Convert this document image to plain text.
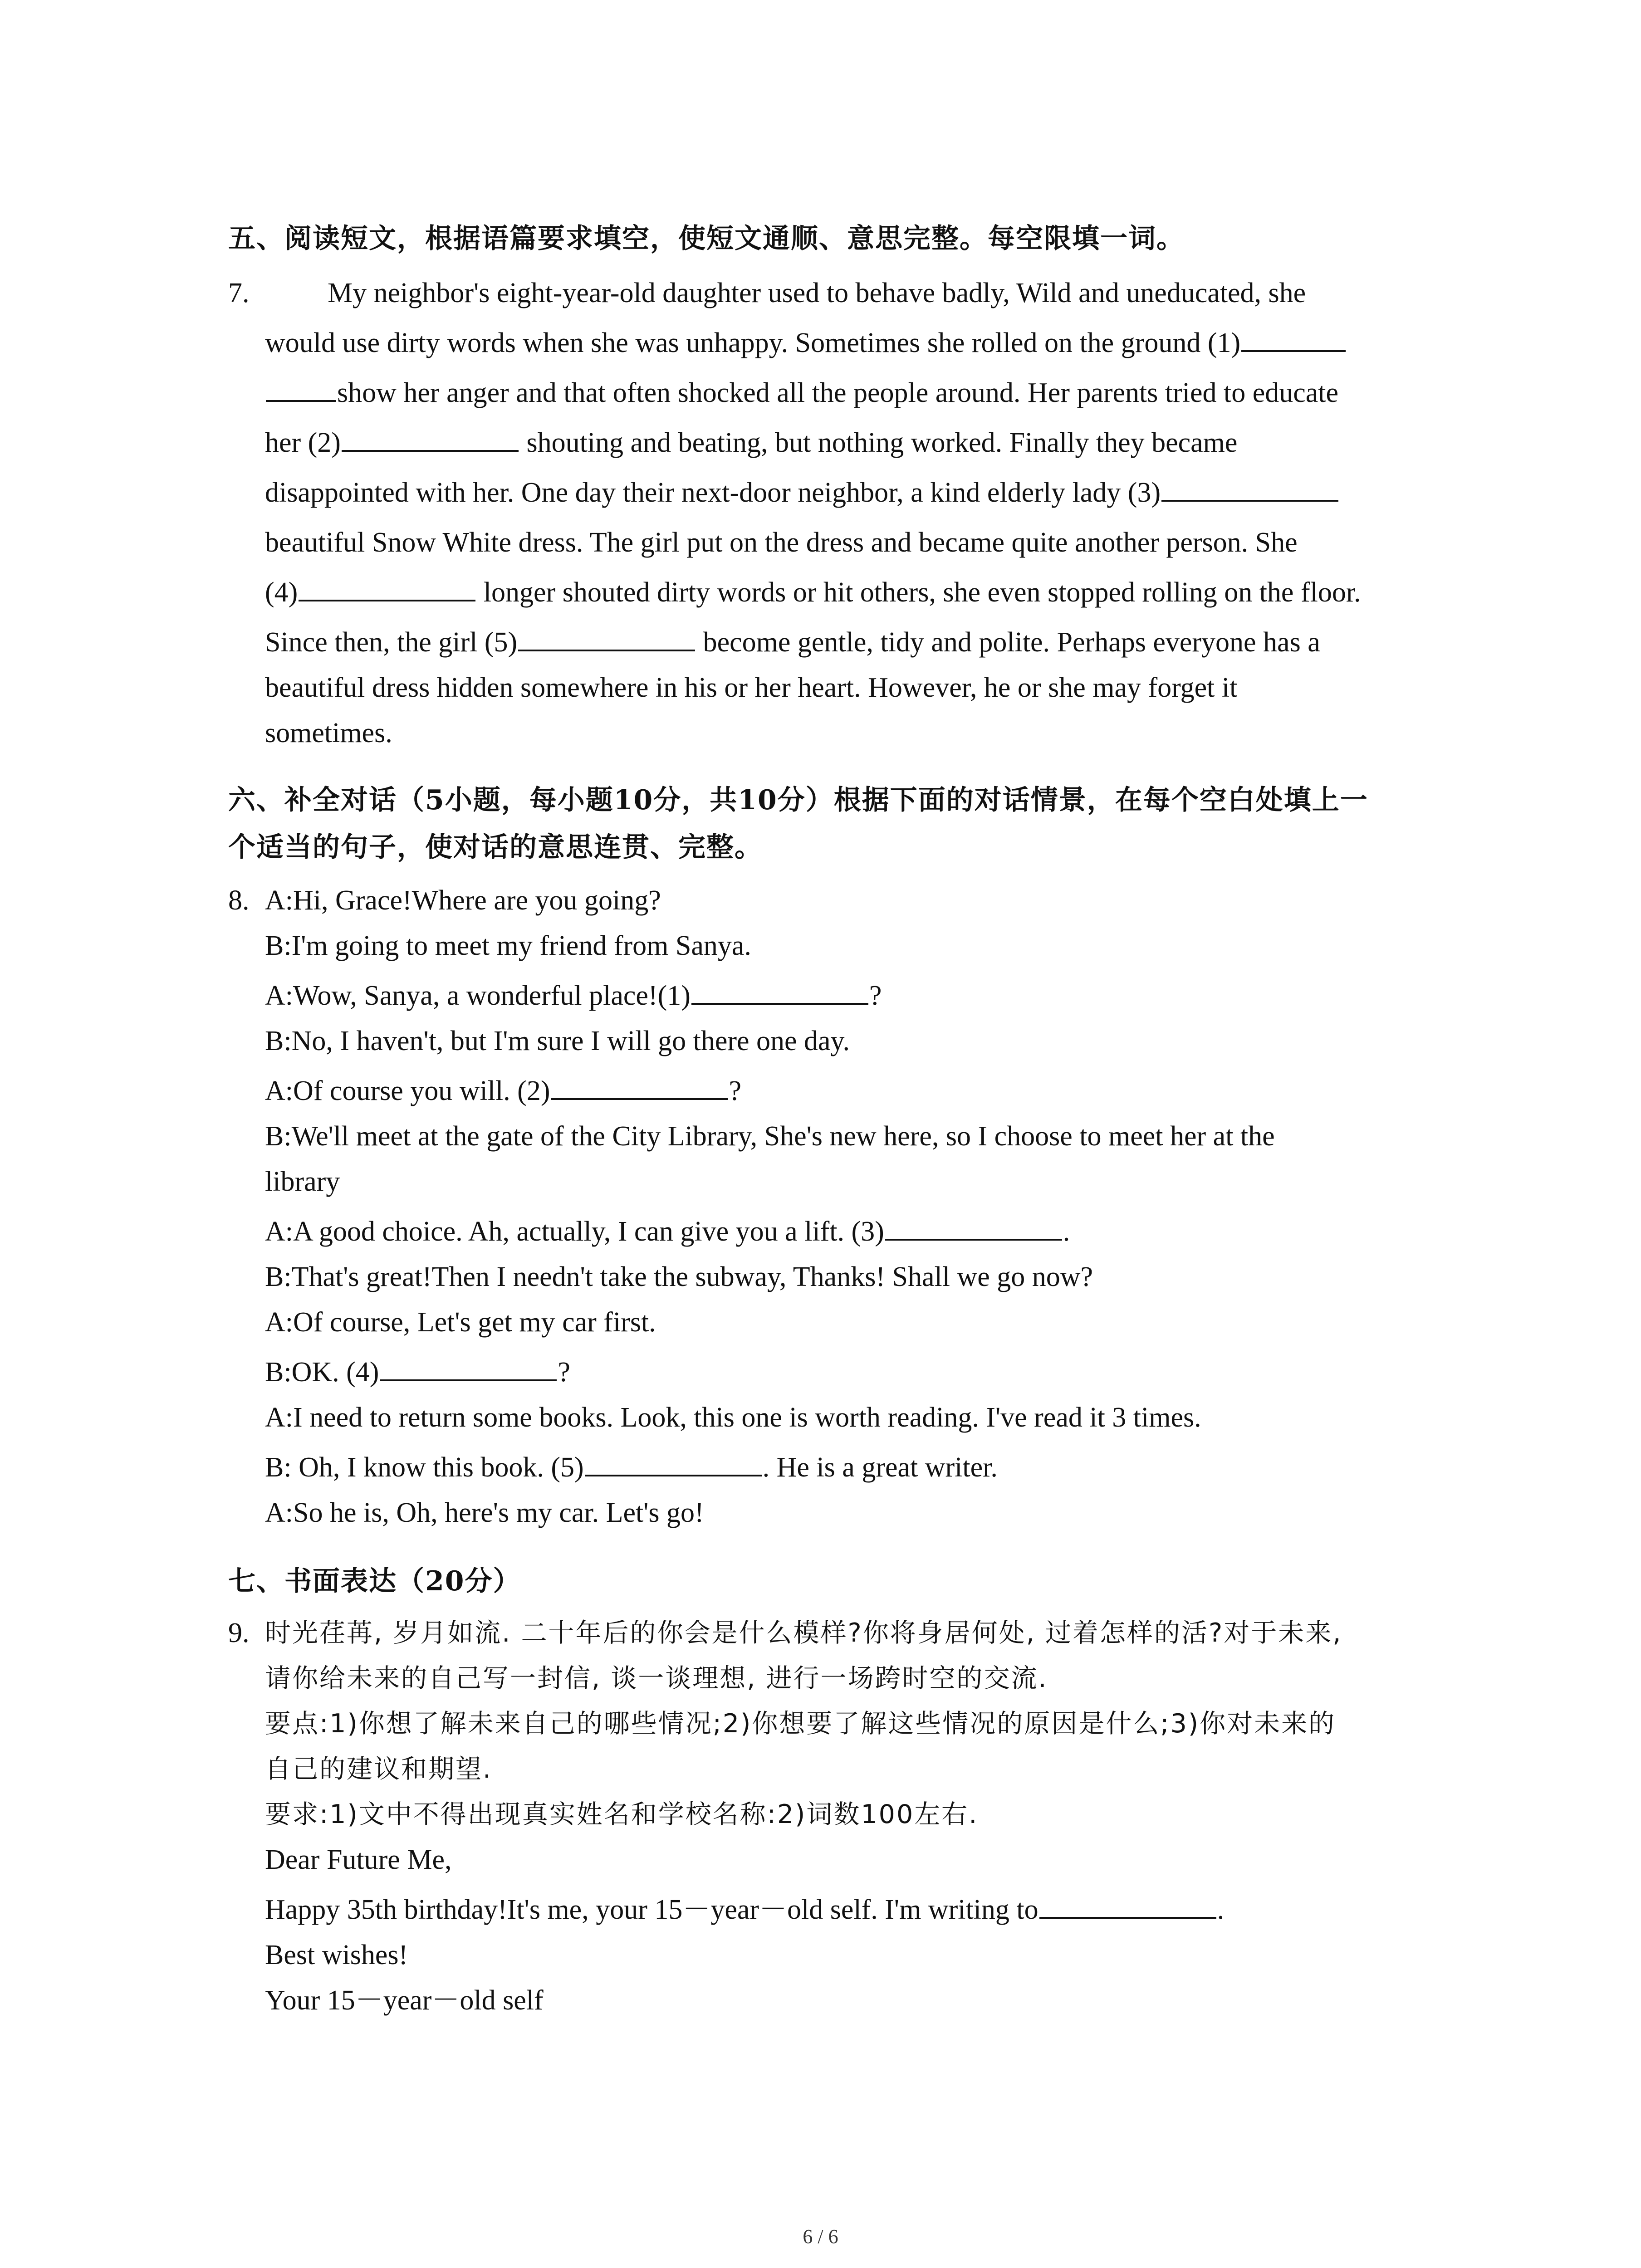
五、阅读短文，根据语篇要求填空，使短文通顺、意思完整。每空限填一词。
7.	My neighbor's eight-year-old daughter used to behave badly, Wild and uneducated, she
would use dirty words when she was unhappy. Sometimes she rolled on the ground (1)
show her anger and that often shocked all the people around. Her parents tried to educate
her (2)	shouting and beating, but nothing worked. Finally they became
disappointed with her. One day their next-door neighbor, a kind elderly lady (3)
beautiful Snow White dress. The girl put on the dress and became quite another person. She
(4)	longer shouted dirty words or hit others, she even stopped rolling on the floor.
Since then, the girl (5)	become gentle, tidy and polite. Perhaps everyone has a
beautiful dress hidden somewhere in his or her heart. However, he or she may forget it
sometimes.
六、补全对话（5小题，每小题10分，共10分）根据下面的对话情景，在每个空白处填上一
个适当的句子，使对话的意思连贯、完整。
8. A:Hi, Grace!Where are you going?
B:I'm going to meet my friend from Sanya.
A:Wow, Sanya, a wonderful place!(1)	?
B:No, I haven't, but I'm sure I will go there one day.
A:Of course you will. (2)	?
B:We'll meet at the gate of the City Library, She's new here, so I choose to meet her at the
library
A:A good choice. Ah, actually, I can give you a lift. (3)	.
B:That's great!Then I needn't take the subway, Thanks! Shall we go now?
A:Of course, Let's get my car first.
B:OK. (4)	?
A:I need to return some books. Look, this one is worth reading. I've read it 3 times.
B: Oh, I know this book. (5)	. He is a great writer.
A:So he is, Oh, here's my car. Let's go!
七、书面表达（20分）
9. 时光荏苒, 岁月如流. 二十年后的你会是什么模样?你将身居何处, 过着怎样的活?对于未来,
请你给未来的自己写一封信, 谈一谈理想, 进行一场跨时空的交流.
要点:1)你想了解未来自己的哪些情况;2)你想要了解这些情况的原因是什么;3)你对未来的
自己的建议和期望.
要求:1)文中不得出现真实姓名和学校名称:2)词数100左右.
Dear Future Me,
Happy 35th birthday!It's me, your 15－year－old self. I'm writing to	.
Best wishes!
Your 15－year－old self
6 / 6
